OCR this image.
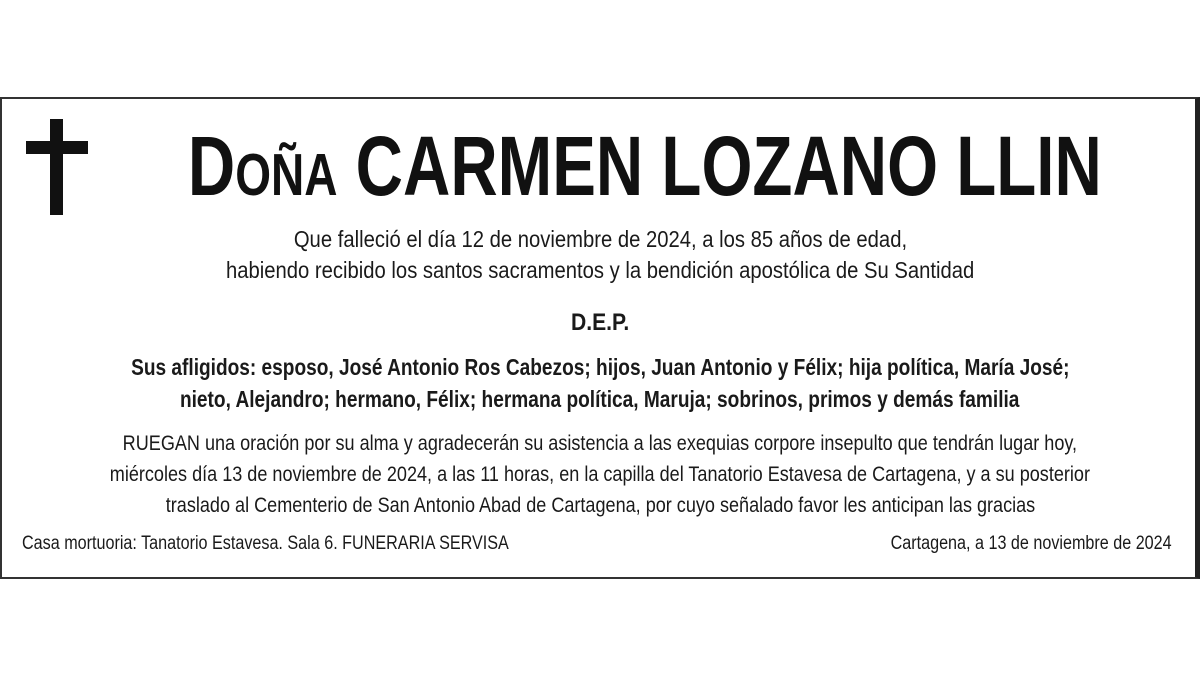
Doña CARMEN LOZANO LLIN
Que falleció el día 12 de noviembre de 2024, a los 85 años de edad,
habiendo recibido los santos sacramentos y la bendición apostólica de Su Santidad
D.E.P.
Sus afligidos: esposo, José Antonio Ros Cabezos; hijos, Juan Antonio y Félix; hija política, María José;
nieto, Alejandro; hermano, Félix; hermana política, Maruja; sobrinos, primos y demás familia
RUEGAN una oración por su alma y agradecerán su asistencia a las exequias corpore insepulto que tendrán lugar hoy,
miércoles día 13 de noviembre de 2024, a las 11 horas, en la capilla del Tanatorio Estavesa de Cartagena, y a su posterior
traslado al Cementerio de San Antonio Abad de Cartagena, por cuyo señalado favor les anticipan las gracias
Casa mortuoria: Tanatorio Estavesa. Sala 6. FUNERARIA SERVISA	Cartagena, a 13 de noviembre de 2024
